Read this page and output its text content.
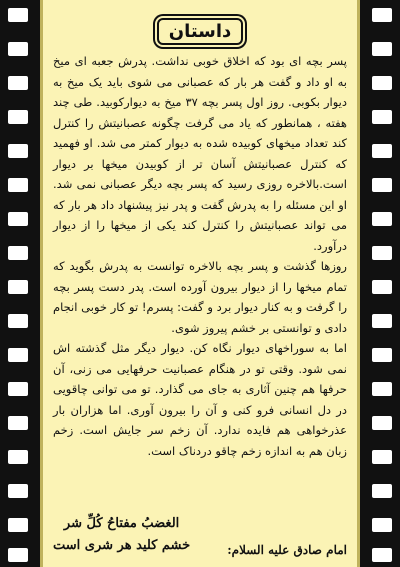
داستان

پسر بچه ای بود که اخلاق خوبی نداشت. پدرش جعبه ای میخ به او داد و گفت هر بار که عصبانی می شوی باید یک میخ به دیوار بکوبی. روز اول پسر بچه ۳۷ میخ به دیوارکوبید. طی چند هفته ، همانطور که یاد می گرفت چگونه عصبانیتش را کنترل کند تعداد میخهای کوبیده شده به دیوار کمتر می شد. او فهمید که کنترل عصبانیتش آسان تر از کوبیدن میخها بر دیوار است.بالاخره روزی رسید که پسر بچه دیگر عصبانی نمی شد. او این مسئله را به پدرش گفت و پدر نیز پیشنهاد داد هر بار که می تواند عصبانیتش را کنترل کند یکی از میخها را از دیوار درآورد.

روزها گذشت و پسر بچه بالاخره توانست به پدرش بگوید که تمام میخها را از دیوار بیرون آورده است. پدر دست پسر بچه را گرفت و به کنار دیوار برد و گفت: پسرم! تو کار خوبی انجام دادی و توانستی بر خشم پیروز شوی.

اما به سوراخهای دیوار نگاه کن. دیوار دیگر مثل گذشته اش نمی شود. وقتی تو در هنگام عصبانیت حرفهایی می زنی، آن حرفها هم چنین آثاری به جای می گذارد. تو می توانی چاقویی در دل انسانی فرو کنی و آن را بیرون آوری. اما هزاران بار عذرخواهی هم فایده ندارد. آن زخم سر جایش است. زخم زبان هم به اندازه زخم چاقو دردناک است.

امام صادق علیه السلام:
الغضبُ مفتاحُ کُلِّ شر
خشم کلید هر شری است
